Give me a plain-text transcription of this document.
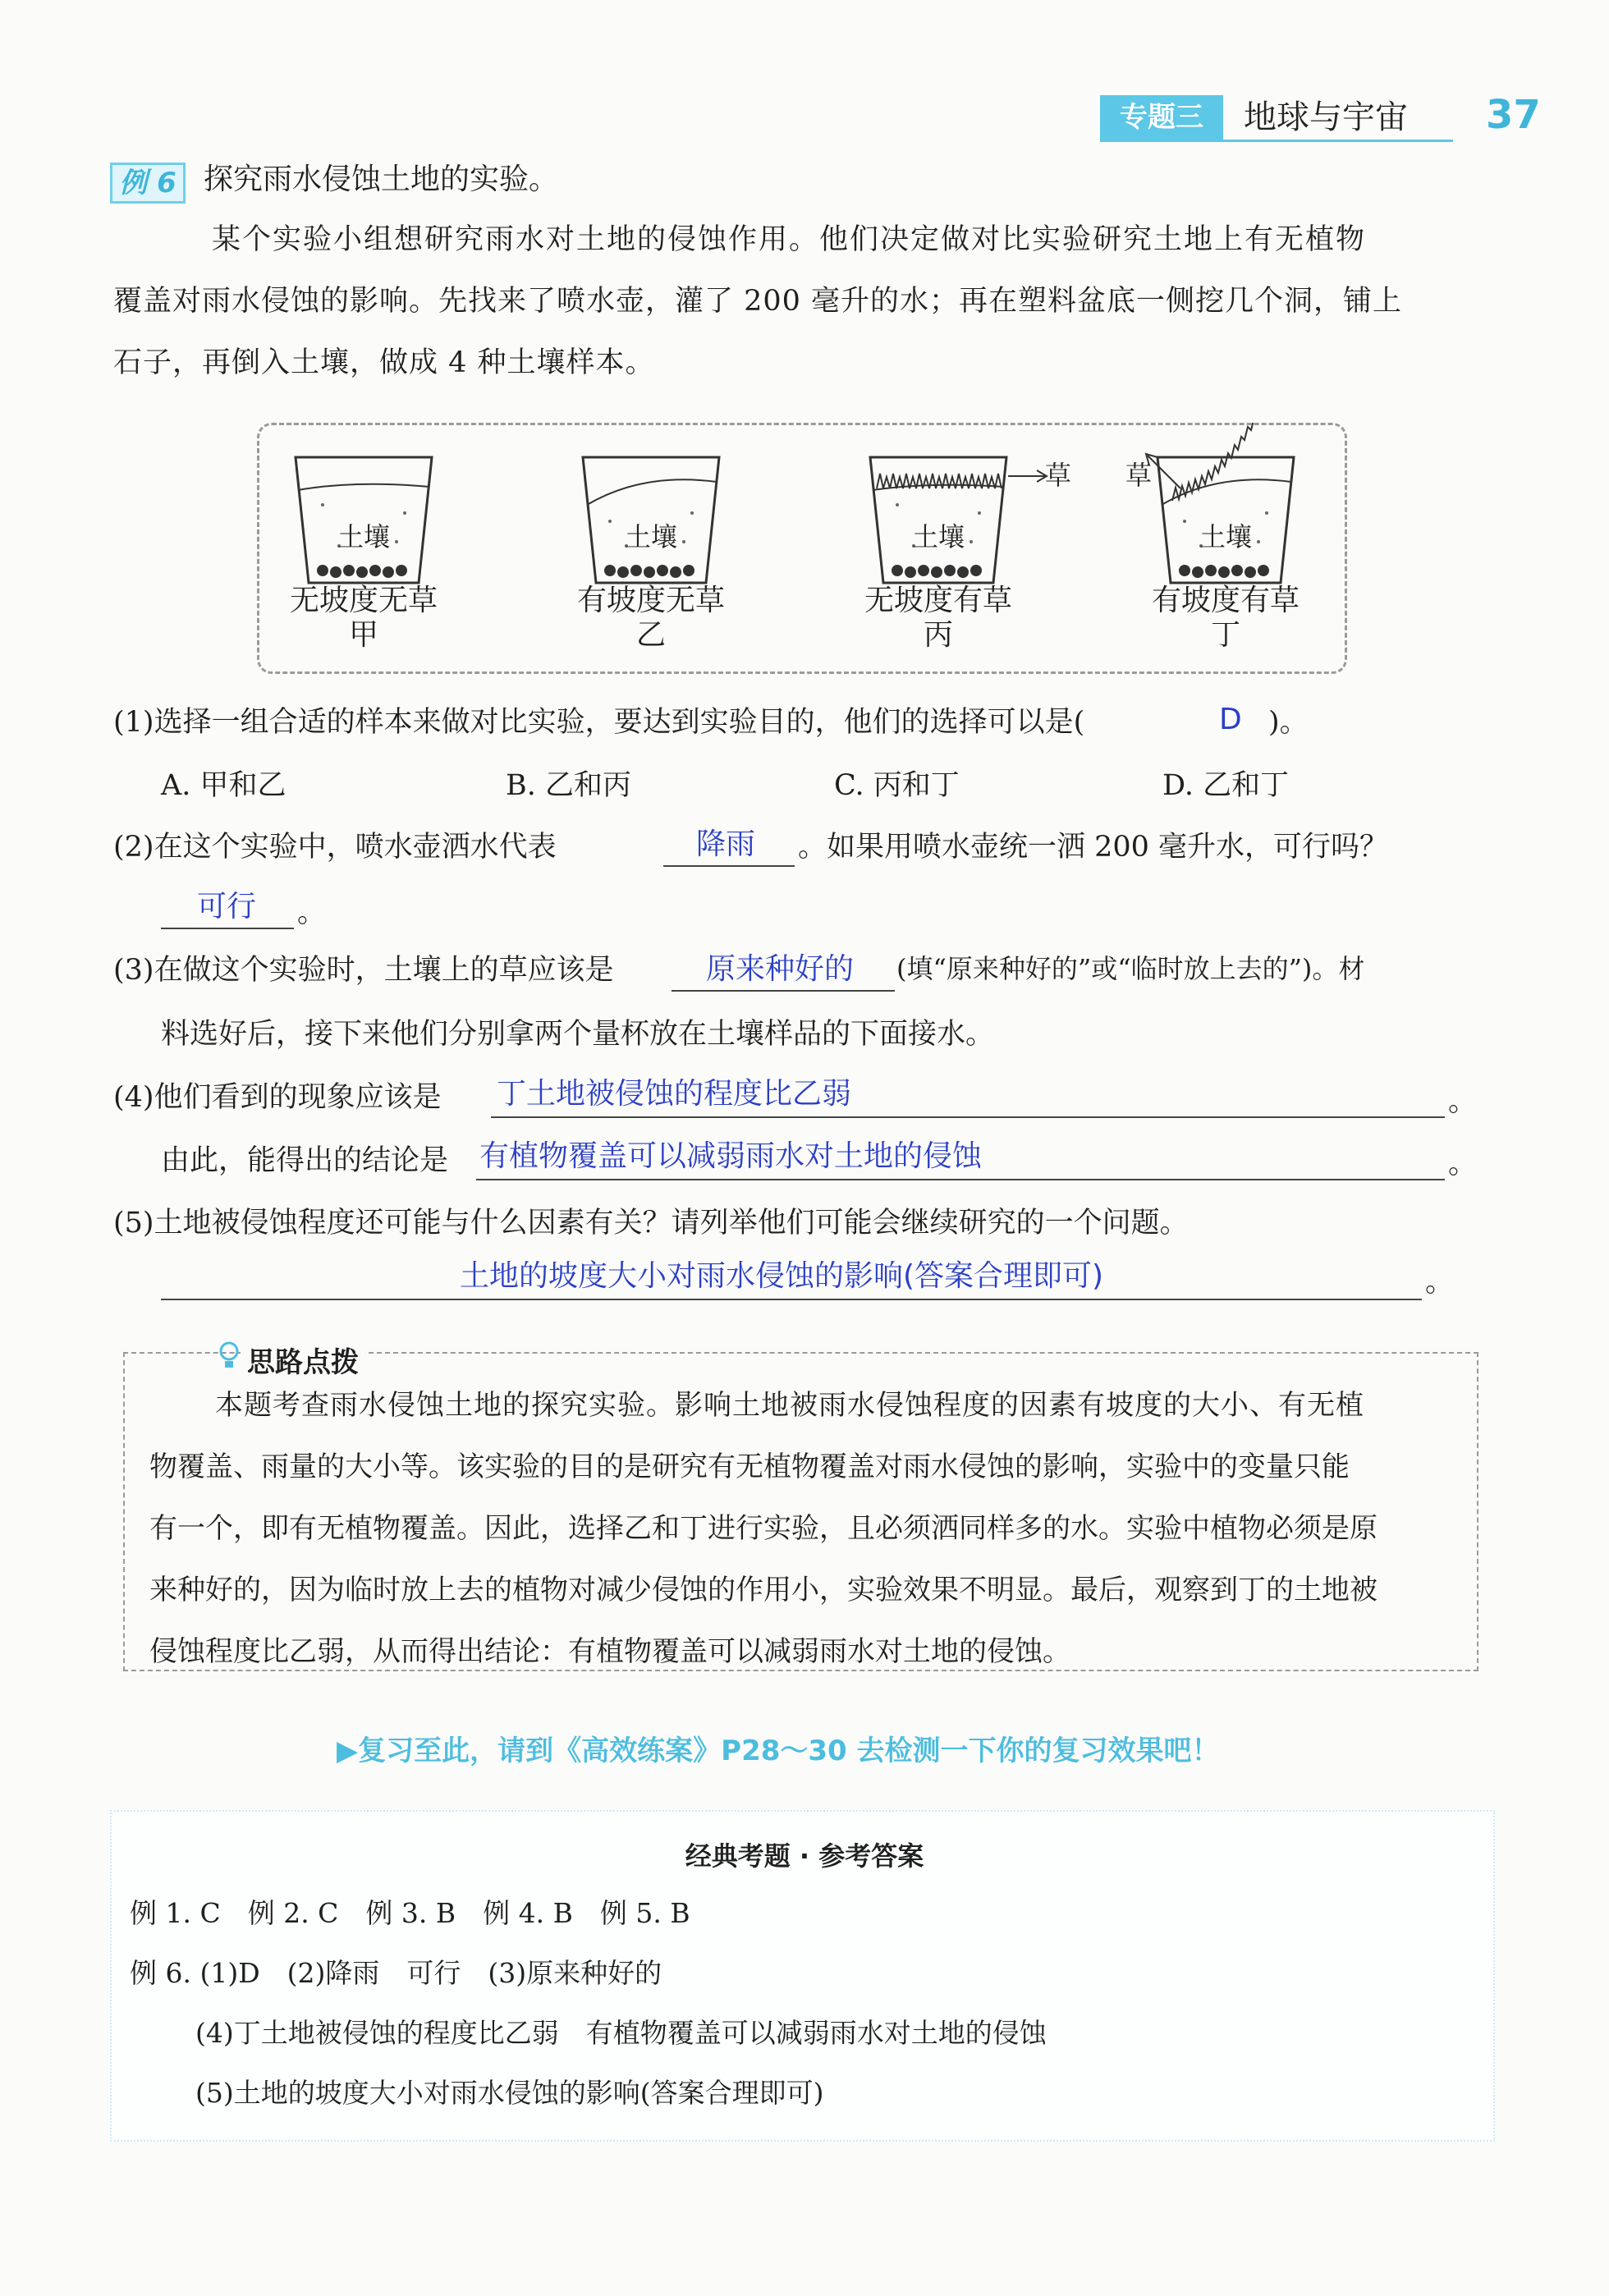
专题三	地球与宇宙 37
例 6 探究雨水侵蚀土地的实验。
某个实验小组想研究雨水对土地的侵蚀作用。他们决定做对比实验研究土地上有无植物
覆盖对雨水侵蚀的影响。先找来了喷水壶，灌了 200 毫升的水；再在塑料盆底一侧挖几个洞，铺上
石子，再倒入土壤，做成 4 种土壤样本。
土壤	土壤	土壤	土壤
草 草
无坡度无草
甲
有坡度无草
乙
无坡度有草
丙
有坡度有草
丁
(1)选择一组合适的样本来做对比实验，要达到实验目的，他们的选择可以是(	D )。
A. 甲和乙	B. 乙和丙	C. 丙和丁	D. 乙和丁
(2)在这个实验中，喷水壶洒水代表	降雨 。如果用喷水壶统一洒 200 毫升水，可行吗？
可行 。
(3)在做这个实验时，土壤上的草应该是	原来种好的 (填“原来种好的”或“临时放上去的”)。材
料选好后，接下来他们分别拿两个量杯放在土壤样品的下面接水。
(4)他们看到的现象应该是 丁土地被侵蚀的程度比乙弱	。
由此，能得出的结论是 有植物覆盖可以减弱雨水对土地的侵蚀	。
(5)土地被侵蚀程度还可能与什么因素有关？请列举他们可能会继续研究的一个问题。
土地的坡度大小对雨水侵蚀的影响(答案合理即可)	。
思路点拨
本题考查雨水侵蚀土地的探究实验。影响土地被雨水侵蚀程度的因素有坡度的大小、有无植
物覆盖、雨量的大小等。该实验的目的是研究有无植物覆盖对雨水侵蚀的影响，实验中的变量只能
有一个，即有无植物覆盖。因此，选择乙和丁进行实验，且必须洒同样多的水。实验中植物必须是原
来种好的，因为临时放上去的植物对减少侵蚀的作用小，实验效果不明显。最后，观察到丁的土地被
侵蚀程度比乙弱，从而得出结论：有植物覆盖可以减弱雨水对土地的侵蚀。
▶复习至此，请到《高效练案》P28～30 去检测一下你的复习效果吧！
经典考题 · 参考答案
例 1. C　例 2. C　例 3. B　例 4. B　例 5. B
例 6. (1)D　(2)降雨　可行　(3)原来种好的
(4)丁土地被侵蚀的程度比乙弱　有植物覆盖可以减弱雨水对土地的侵蚀
(5)土地的坡度大小对雨水侵蚀的影响(答案合理即可)
